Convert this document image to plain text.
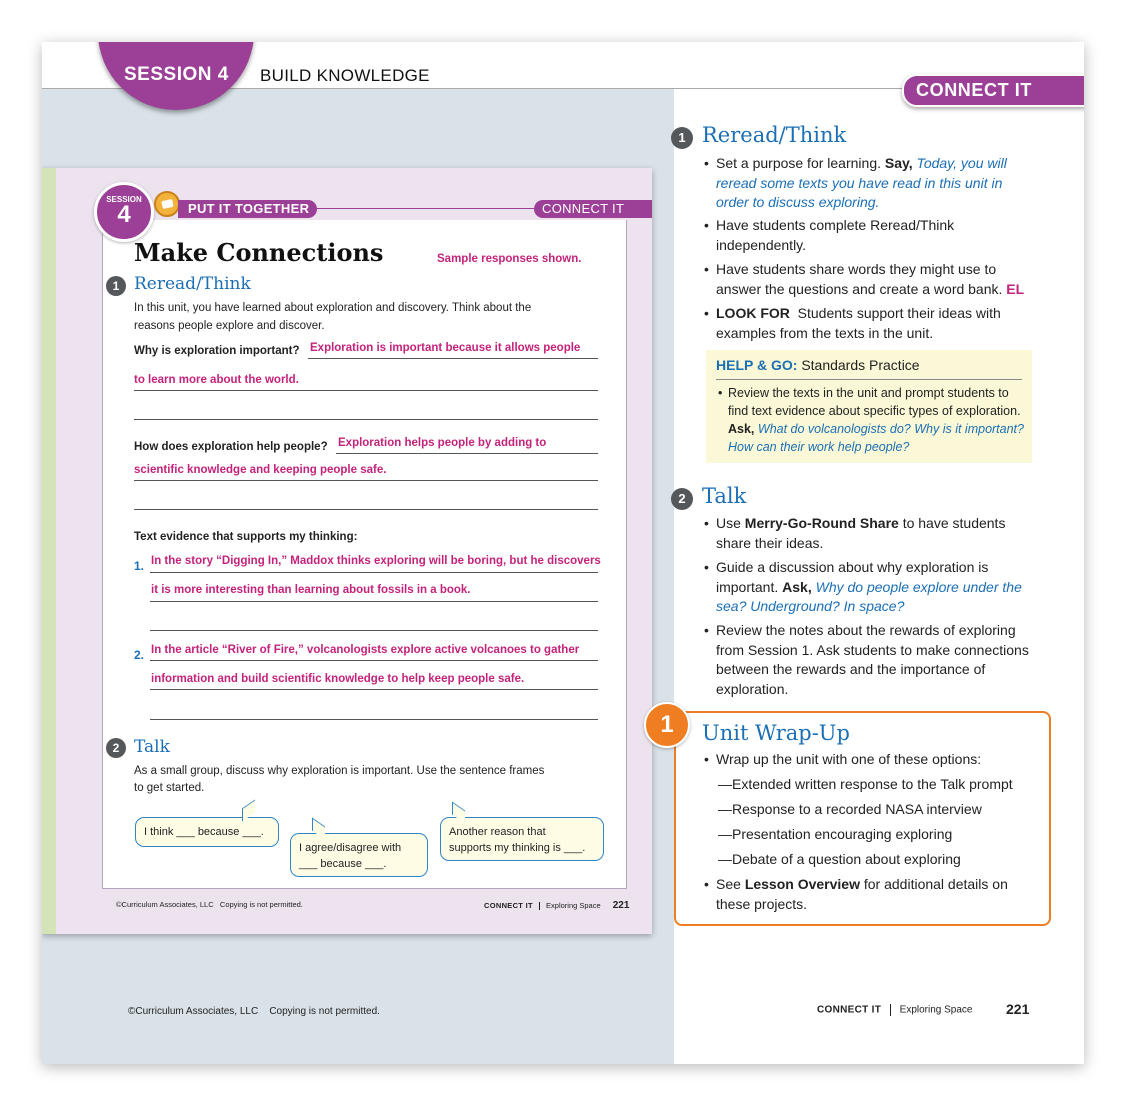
SESSION 4 BUILD KNOWLEDGE
CONNECT IT
SESSION
4	PUT IT TOGETHER	CONNECT IT
Make Connections	Sample responses shown.
1 Reread/Think
In this unit, you have learned about exploration and discovery. Think about the
reasons people explore and discover.
Why is exploration important? Exploration is important because it allows people
to learn more about the world.
How does exploration help people? Exploration helps people by adding to
scientific knowledge and keeping people safe.
Text evidence that supports my thinking:
1. In the story “Digging In,” Maddox thinks exploring will be boring, but he discovers
it is more interesting than learning about fossils in a book.
2. In the article “River of Fire,” volcanologists explore active volcanoes to gather
information and build scientific knowledge to help keep people safe.
2 Talk
As a small group, discuss why exploration is important. Use the sentence frames
to get started.
I think ___ because ___.
I agree/disagree with
___ because ___.
Another reason that
supports my thinking is ___.
©Curriculum Associates, LLC Copying is not permitted.	CONNECT IT Exploring Space 221
1 Reread/Think
• Set a purpose for learning. Say, Today, you will reread some texts you have read in this unit in order to discuss exploring.
• Have students complete Reread/Think independently.
• Have students share words they might use to answer the questions and create a word bank. EL
• LOOK FOR Students support their ideas with examples from the texts in the unit.
HELP & GO: Standards Practice
• Review the texts in the unit and prompt students to find text evidence about specific types of exploration. Ask, What do volcanologists do? Why is it important? How can their work help people?
2 Talk
• Use Merry-Go-Round Share to have students share their ideas.
• Guide a discussion about why exploration is important. Ask, Why do people explore under the sea? Underground? In space?
• Review the notes about the rewards of exploring from Session 1. Ask students to make connections between the rewards and the importance of exploration.
1	Unit Wrap-Up
• Wrap up the unit with one of these options:
—Extended written response to the Talk prompt
—Response to a recorded NASA interview
—Presentation encouraging exploring
—Debate of a question about exploring
• See Lesson Overview for additional details on these projects.
©Curriculum Associates, LLC Copying is not permitted.	CONNECT IT Exploring Space 221
